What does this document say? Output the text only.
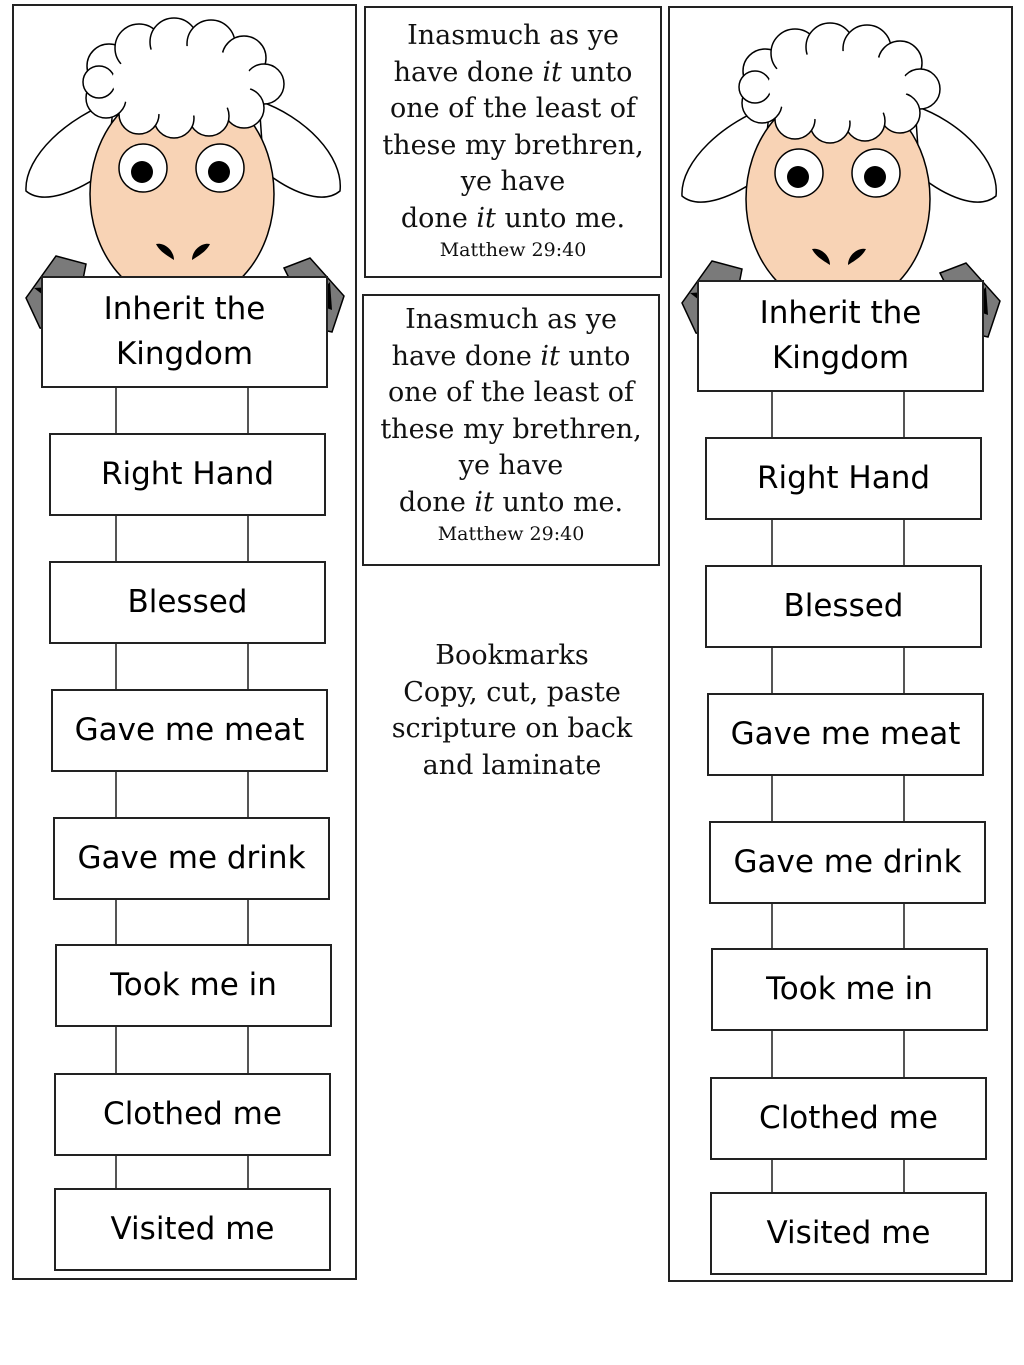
Inherit the
Kingdom
Right Hand
Blessed
Gave me meat
Gave me drink
Took me in
Clothed me
Visited me
Inasmuch as ye
have done it unto
one of the least of
these my brethren,
ye have
done it unto me.
Matthew 29:40
Inasmuch as ye
have done it unto
one of the least of
these my brethren,
ye have
done it unto me.
Matthew 29:40
Bookmarks
Copy, cut, paste
scripture on back
and laminate
Inherit the
Kingdom
Right Hand
Blessed
Gave me meat
Gave me drink
Took me in
Clothed me
Visited me
